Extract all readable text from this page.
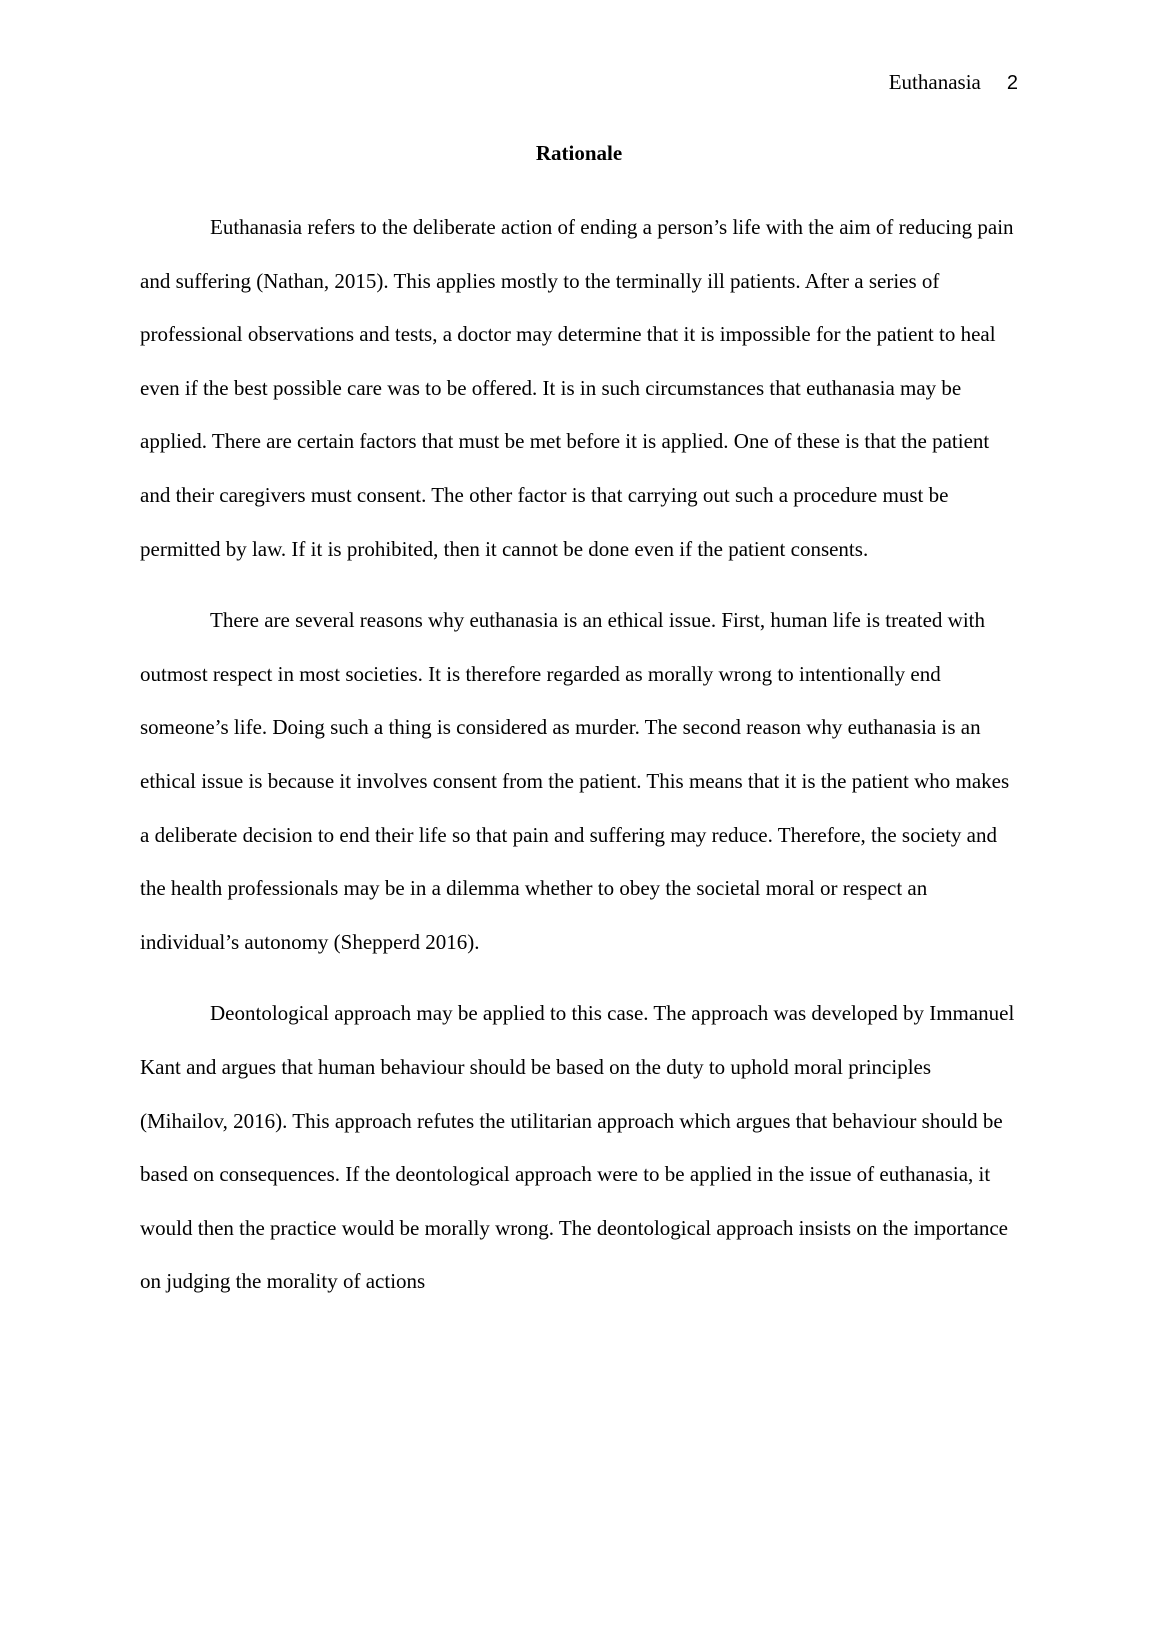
Euthanasia 2
Rationale

Euthanasia refers to the deliberate action of ending a person’s life with the aim of reducing pain and suffering (Nathan, 2015). This applies mostly to the terminally ill patients. After a series of professional observations and tests, a doctor may determine that it is impossible for the patient to heal even if the best possible care was to be offered. It is in such circumstances that euthanasia may be applied. There are certain factors that must be met before it is applied. One of these is that the patient and their caregivers must consent. The other factor is that carrying out such a procedure must be permitted by law. If it is prohibited, then it cannot be done even if the patient consents.

There are several reasons why euthanasia is an ethical issue. First, human life is treated with outmost respect in most societies. It is therefore regarded as morally wrong to intentionally end someone’s life. Doing such a thing is considered as murder. The second reason why euthanasia is an ethical issue is because it involves consent from the patient. This means that it is the patient who makes a deliberate decision to end their life so that pain and suffering may reduce. Therefore, the society and the health professionals may be in a dilemma whether to obey the societal moral or respect an individual’s autonomy (Shepperd 2016).

Deontological approach may be applied to this case. The approach was developed by Immanuel Kant and argues that human behaviour should be based on the duty to uphold moral principles (Mihailov, 2016). This approach refutes the utilitarian approach which argues that behaviour should be based on consequences. If the deontological approach were to be applied in the issue of euthanasia, it would then the practice would be morally wrong. The deontological approach insists on the importance on judging the morality of actions
